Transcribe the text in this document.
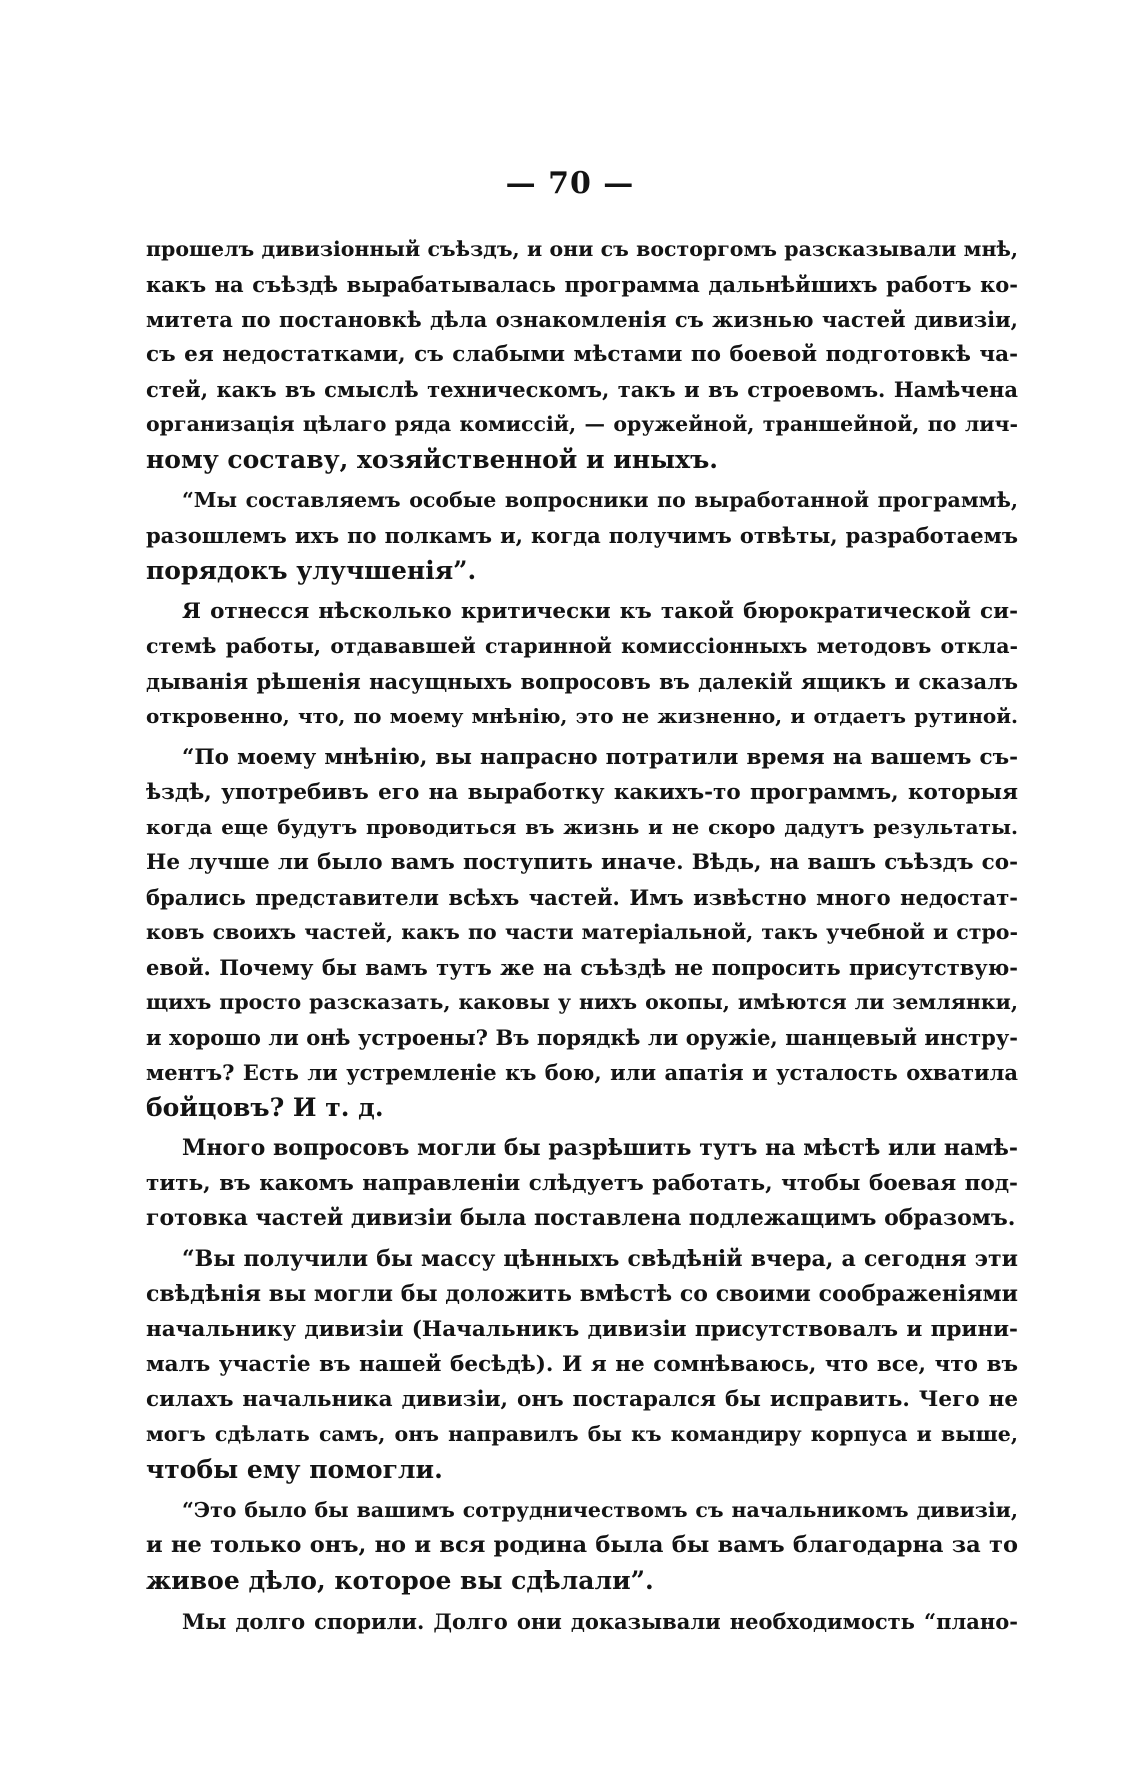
— 70 —
прошелъ дивизіонный съѣздъ, и они съ восторгомъ разсказывали мнѣ,
какъ на съѣздѣ вырабатывалась программа дальнѣйшихъ работъ ко-
митета по постановкѣ дѣла ознакомленія съ жизнью частей дивизіи,
съ ея недостатками, съ слабыми мѣстами по боевой подготовкѣ ча-
стей, какъ въ смыслѣ техническомъ, такъ и въ строевомъ. Намѣчена
организація цѣлаго ряда комиссій, — оружейной, траншейной, по лич-
ному составу, хозяйственной и иныхъ.
“Мы составляемъ особые вопросники по выработанной программѣ,
разошлемъ ихъ по полкамъ и, когда получимъ отвѣты, разработаемъ
порядокъ улучшенія”.
Я отнесся нѣсколько критически къ такой бюрократической си-
стемѣ работы, отдававшей старинной комиссіонныхъ методовъ откла-
дыванія рѣшенія насущныхъ вопросовъ въ далекій ящикъ и сказалъ
откровенно, что, по моему мнѣнію, это не жизненно, и отдаетъ рутиной.
“По моему мнѣнію, вы напрасно потратили время на вашемъ съ-
ѣздѣ, употребивъ его на выработку какихъ-то программъ, которыя
когда еще будутъ проводиться въ жизнь и не скоро дадутъ результаты.
Не лучше ли было вамъ поступить иначе. Вѣдь, на вашъ съѣздъ со-
брались представители всѣхъ частей. Имъ извѣстно много недостат-
ковъ своихъ частей, какъ по части матеріальной, такъ учебной и стро-
евой. Почему бы вамъ тутъ же на съѣздѣ не попросить присутствую-
щихъ просто разсказать, каковы у нихъ окопы, имѣются ли землянки,
и хорошо ли онѣ устроены? Въ порядкѣ ли оружіе, шанцевый инстру-
ментъ? Есть ли устремленіе къ бою, или апатія и усталость охватила
бойцовъ? И т. д.
Много вопросовъ могли бы разрѣшить тутъ на мѣстѣ или намѣ-
тить, въ какомъ направленіи слѣдуетъ работать, чтобы боевая под-
готовка частей дивизіи была поставлена подлежащимъ образомъ.
“Вы получили бы массу цѣнныхъ свѣдѣній вчера, а сегодня эти
свѣдѣнія вы могли бы доложить вмѣстѣ со своими соображеніями
начальнику дивизіи (Начальникъ дивизіи присутствовалъ и прини-
малъ участіе въ нашей бесѣдѣ). И я не сомнѣваюсь, что все, что въ
силахъ начальника дивизіи, онъ постарался бы исправить. Чего не
могъ сдѣлать самъ, онъ направилъ бы къ командиру корпуса и выше,
чтобы ему помогли.
“Это было бы вашимъ сотрудничествомъ съ начальникомъ дивизіи,
и не только онъ, но и вся родина была бы вамъ благодарна за то
живое дѣло, которое вы сдѣлали”.
Мы долго спорили. Долго они доказывали необходимость “плано-
